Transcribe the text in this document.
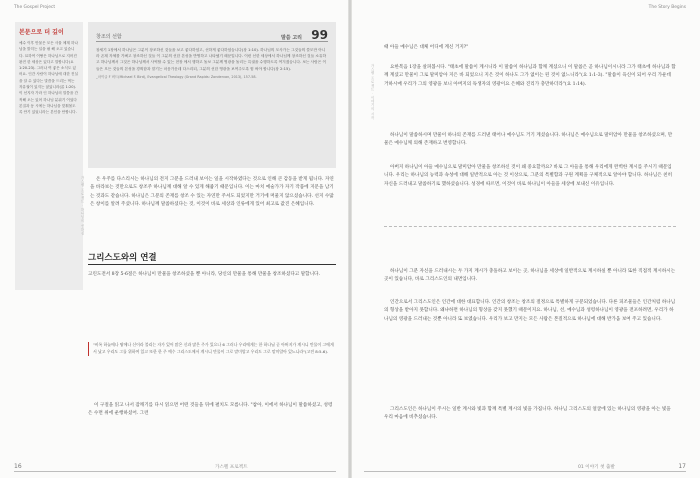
The Gospel Project
본문으로 더 깊이
예수 이후 만물은 모든 사물 체계 하나님을 밝히는 일을 필 해 오고 있습니다. 묘하여 이땅은 하나님으로 지어진 완전 한 세상은 있다고 말합니다(요 1:20-23). 그러나 여 좋은 소식도 있어요. 인간 사람이 하나님에 대한 진실을 알 수 있다는 말씀을 드리는 먹는 자유권이 있지는 않았니라(롬 1:20). 이 선지자 가라 인 하나님의 말씀을 간직해 오는 있어 하나님 분위기 이었다 본질과 동 시에는 하나님을 맞춰볼도록 안기 있었니라는 본인을 안합니다.
창조의 선함	말씀 고리 99
창세기 1장에서 하나님은 그분이 창조하신 것들을 보고 좋다하셨고, 선하게 좋다하셨습니다(창 1:10). 하나님의 모사가는 그것들의 쓸모만 아니라 존재 자체를 기뻐고 창조하신 것들 이 그분의 선한 본성을 반영하고 나타냈기 때문입니다. 이런 선한 세상에서 하나님께 창조하신 것들 소유하고 하나님께서 그것은 하나님께서 사역할 수 있는 현장 에서 행하고 돌보 그분께 영광을 돌리는 특권을 수행하도록 여겨졌습니다. 보는 사람은 이들은 모든 것들의 본성을 경외함과 맡기는 마음가운데 다스리되, 그분의 선한 영광을 보여주도록 힘 써야 합니다(창 2:15).
_마이클 F 버드(Michael F. Bird), Evangelical Theology (Grand Rapids: Zondervan, 2013), 157-58.
가스펠 프로젝트 · 하나님의 선하심	온 우주를 다스리시는 하나님의 전지 그분을 드러내 보이는 일을 시작하였다는 것으로 인해 큰 감동을 받게 됩니다. 자연을 바라보는 것만으로도 창조주 하나님께 대해 알 수 있게 해줍기 때문입니다. 이는 마치 예술가가 자기 작품에 지문을 남기는 것과도 같습니다. 하나님은 그분의 존재를 창조 수 있는 자연만 주셔도 되었지만 거기에 머물지 않으셨습니다. 선지 수많은 창이를 알려 주셨니다. 하나님께 말씀하셨다는 것, 이것이 바로 세상과 인류에게 있어 최고로 값진 은혜입니다.
그리스도와의 연결
고린도전서 8장 5-6절은 하나님이 만물을 창조하셨을 뿐 아니라, 당신의 만물을 통해 만물을 창조하셨다고 말합니다.
"비록 하늘에나 땅에나 신이라 불리는 자가 있어 많은 신과 많은 주가 있으나 6 그러나 우리에게는 한 하나님 곧 아버지가 계시니 만물이 그에게서 났고 우리도 그를 위하여 있고 또한 한 주 예수 그리스도께서 계시니 만물이 그로 말미암고 우리도 그로 말미암아 있느니라"(고전 8:5-6).
이 구절을 읽고 나서 잠깨기를 다시 읽으면 어떤 것들을 뒤에 펼치도 모릅니다. "참아, 이에서 하나님이 말씀하셨고, 성령은 수면 위에 운행하셨어. 그런
16	가스펠 프로젝트
The Story Begins
때 아들 예수님은 대체 어디에 계신 거지?"
가스펠 프로젝트 · 이야기의 시작	요한복음 1장을 살펴봅시다. "태초에 말씀이 계시니라 이 말씀이 하나님과 함께 계셨으니 이 말씀은 곧 하나님이시니라 그가 태초에 하나님과 함께 계셨고 만물이 그로 말미암아 지은 바 되었으니 지은 것이 하나도 그가 없이는 된 것이 없느니라"(요 1:1-3). "말씀이 육신이 되어 우리 가운데 거하시매 우리가 그의 영광을 보니 아버지의 독생자의 영광이요 은혜와 진리가 충만하더라"(요 1:14).
하나님이 말씀하시며 만물이 하나의 존재를 드러낸 태어나 예수님도 거기 계셨습니다. 하나님은 예수님으로 말미암아 만물을 창조하셨으며, 만물은 예수님께 의해 존재하고 번영합니다.
아버지 하나님이 아들 예수님으로 말미암아 만물을 창조하신 것이 왜 중요할까요? 바로 그 아들을 통해 우리에게 완벽한 계시를 주시기 때문입니다. 우리는 하나님의 능력과 속성에 대해 일반적으로 아는 것 이상으로, 그분의 특별함과 구원 계획을 구체적으로 알아야 합니다. 하나님은 친히 자신을 드러내고 말씀하기로 했하셨습니다. 성경에 따르면, 이것이 바로 하나님이 아들을 세상에 보내신 이유입니다.
하나님이 그분 자신을 드러내시는 두 가지 계시가 충돌하고 보이는 곳, 하나님을 세상에 일반적으로 계시하실 뿐 아니라 또한 직접적 계시하시는 곳이 있습니다, 바로 그리스도인의 내면입니다.
인간으로서 그리스도인은 인간에 대한 대표합니다. 인간의 창조는 창조의 절정으로 특별하게 구분되었습니다. 다른 피조물들은 인간처럼 하나님의 형상을 받아지 못합니다. 왜냐하면 하나님의 형상을 갖지 못했기 때문이지요. 하나님, 선, 예수님과 성령하나님이 영광을 전포하려면, 우리가 하나님의 영광을 드러내는 것뿐 아니라 또 보였습니다. 우리가 보고 만지는 모든 사람은 본질적으로 하나님에 대해 반가움 보여 주고 있습니다.
그리스도인은 하나님이 주시는 일반 계시와 빛과 함께 특별 계시의 빛을 가집니다. 하나님 그리스도의 얼굴에 있는 하나님의 영광을 아는 빛을 우리 마음에 비추셨습니다.
01 이야기 첫 출발	17
